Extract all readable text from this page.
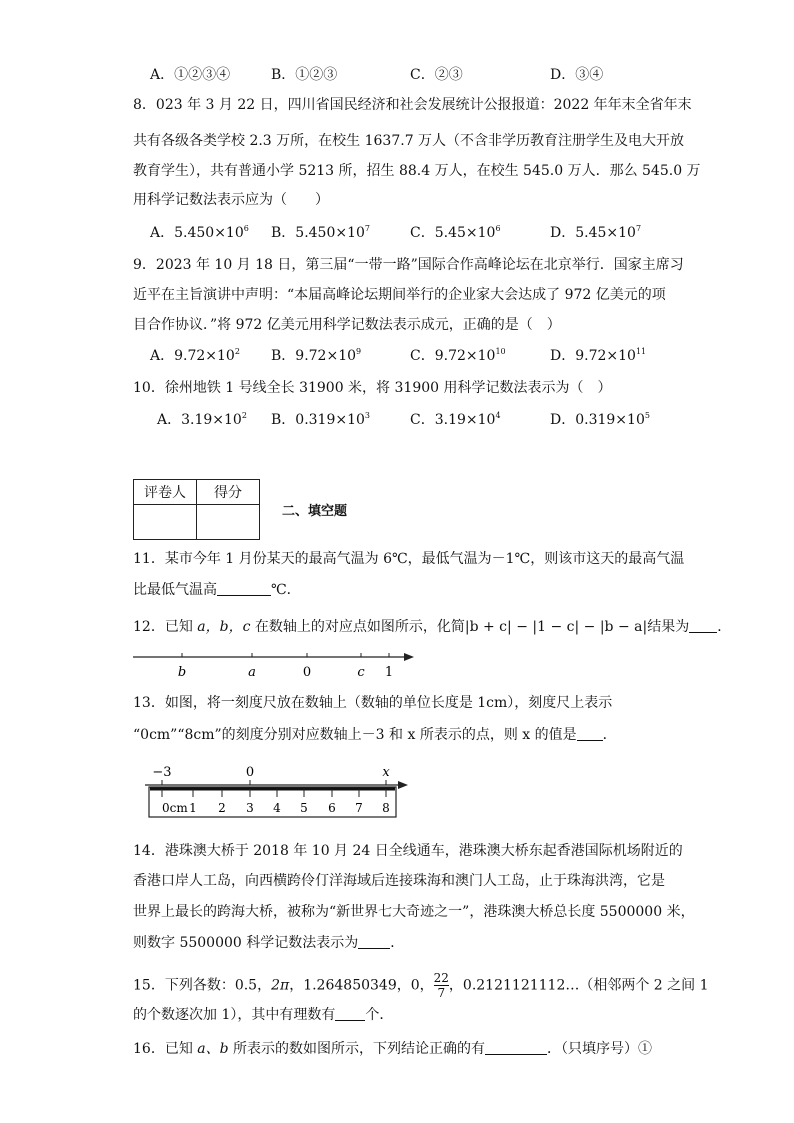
A．①②③④	B．①②③	C．②③	D．③④
8．023 年 3 月 22 日，四川省国民经济和社会发展统计公报报道：2022 年年末全省年末
共有各级各类学校 2.3 万所，在校生 1637.7 万人（不含非学历教育注册学生及电大开放
教育学生），共有普通小学 5213 所，招生 88.4 万人，在校生 545.0 万人．那么 545.0 万
用科学记数法表示应为（　　）
A．$5.450\times 10^6$ B．$5.450\times 10^7$	C．$5.45\times 10^6$	D．$5.45\times 10^7$
9．2023 年 10 月 18 日，第三届“一带一路”国际合作高峰论坛在北京举行．国家主席习
近平在主旨演讲中声明：“本届高峰论坛期间举行的企业家大会达成了 972 亿美元的项
目合作协议．”将 972 亿美元用科学记数法表示成元，正确的是（　）
A．$9.72\times 10^2$ B．$9.72\times 10^9$	C．$9.72\times 10^{10}$	D．$9.72\times 10^{11}$
10．徐州地铁 1 号线全长 31900 米，将 31900 用科学记数法表示为（　）
A．$3.19\times 10^2$ B．$0.319\times 10^3$	C．$3.19\times 10^4$	D．$0.319\times 10^5$
评卷人	得分

二、填空题
11．某市今年 1 月份某天的最高气温为 6℃，最低气温为－1℃，则该市这天的最高气温
比最低气温高	℃．
12．已知 a，b，c 在数轴上的对应点如图所示，化简|b + c| − |1 − c| − |b − a|结果为 ．
b	a	0	c 1
13．如图，将一刻度尺放在数轴上（数轴的单位长度是 1cm），刻度尺上表示
“0cm”“8cm”的刻度分别对应数轴上－3 和 x 所表示的点，则 x 的值是 ．
−3	0	x
0cm 1 2 3 4 5 6 7 8
14．港珠澳大桥于 2018 年 10 月 24 日全线通车，港珠澳大桥东起香港国际机场附近的
香港口岸人工岛，向西横跨伶仃洋海域后连接珠海和澳门人工岛，止于珠海洪湾，它是
世界上最长的跨海大桥，被称为“新世界七大奇迹之一”，港珠澳大桥总长度 5500000 米，
则数字 5500000 科学记数法表示为 ．
15．下列各数：0.5，2π，1.264850349，0， $\frac{22}{7}$ ，0.2121121112…（相邻两个 2 之间 1
的个数逐次加 1），其中有理数有 个．
16．已知 a、b 所表示的数如图所示，下列结论正确的有	．（只填序号）①
